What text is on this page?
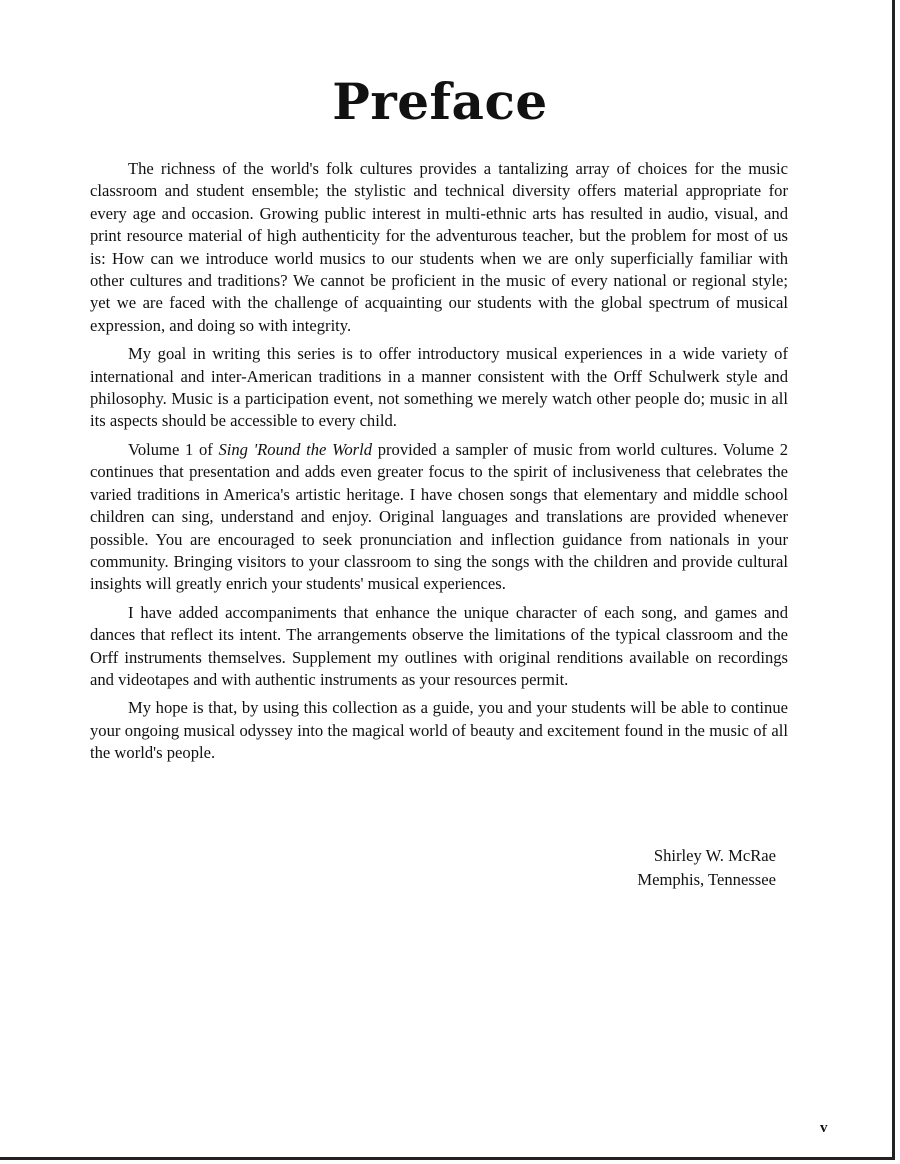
Preface

The richness of the world's folk cultures provides a tantalizing array of choices for the music classroom and student ensemble; the stylistic and technical diversity offers material appropriate for every age and occasion. Growing public interest in multi-ethnic arts has resulted in audio, visual, and print resource material of high authenticity for the adventurous teacher, but the problem for most of us is: How can we introduce world musics to our students when we are only superficially familiar with other cultures and traditions? We cannot be proficient in the music of every national or regional style; yet we are faced with the challenge of acquainting our students with the global spectrum of musical expression, and doing so with integrity.

My goal in writing this series is to offer introductory musical experiences in a wide variety of international and inter-American traditions in a manner consistent with the Orff Schulwerk style and philosophy. Music is a participation event, not something we merely watch other people do; music in all its aspects should be accessible to every child.

Volume 1 of Sing 'Round the World provided a sampler of music from world cultures. Volume 2 continues that presentation and adds even greater focus to the spirit of inclusiveness that celebrates the varied traditions in America's artistic heritage. I have chosen songs that elementary and middle school children can sing, understand and enjoy. Original languages and translations are provided whenever possible. You are encouraged to seek pronunciation and inflection guidance from nationals in your community. Bringing visitors to your classroom to sing the songs with the children and provide cultural insights will greatly enrich your students' musical experiences.

I have added accompaniments that enhance the unique character of each song, and games and dances that reflect its intent. The arrangements observe the limitations of the typical classroom and the Orff instruments themselves. Supplement my outlines with original renditions available on recordings and videotapes and with authentic instruments as your resources permit.

My hope is that, by using this collection as a guide, you and your students will be able to continue your ongoing musical odyssey into the magical world of beauty and excitement found in the music of all the world's people.

Shirley W. McRae
Memphis, Tennessee
v
